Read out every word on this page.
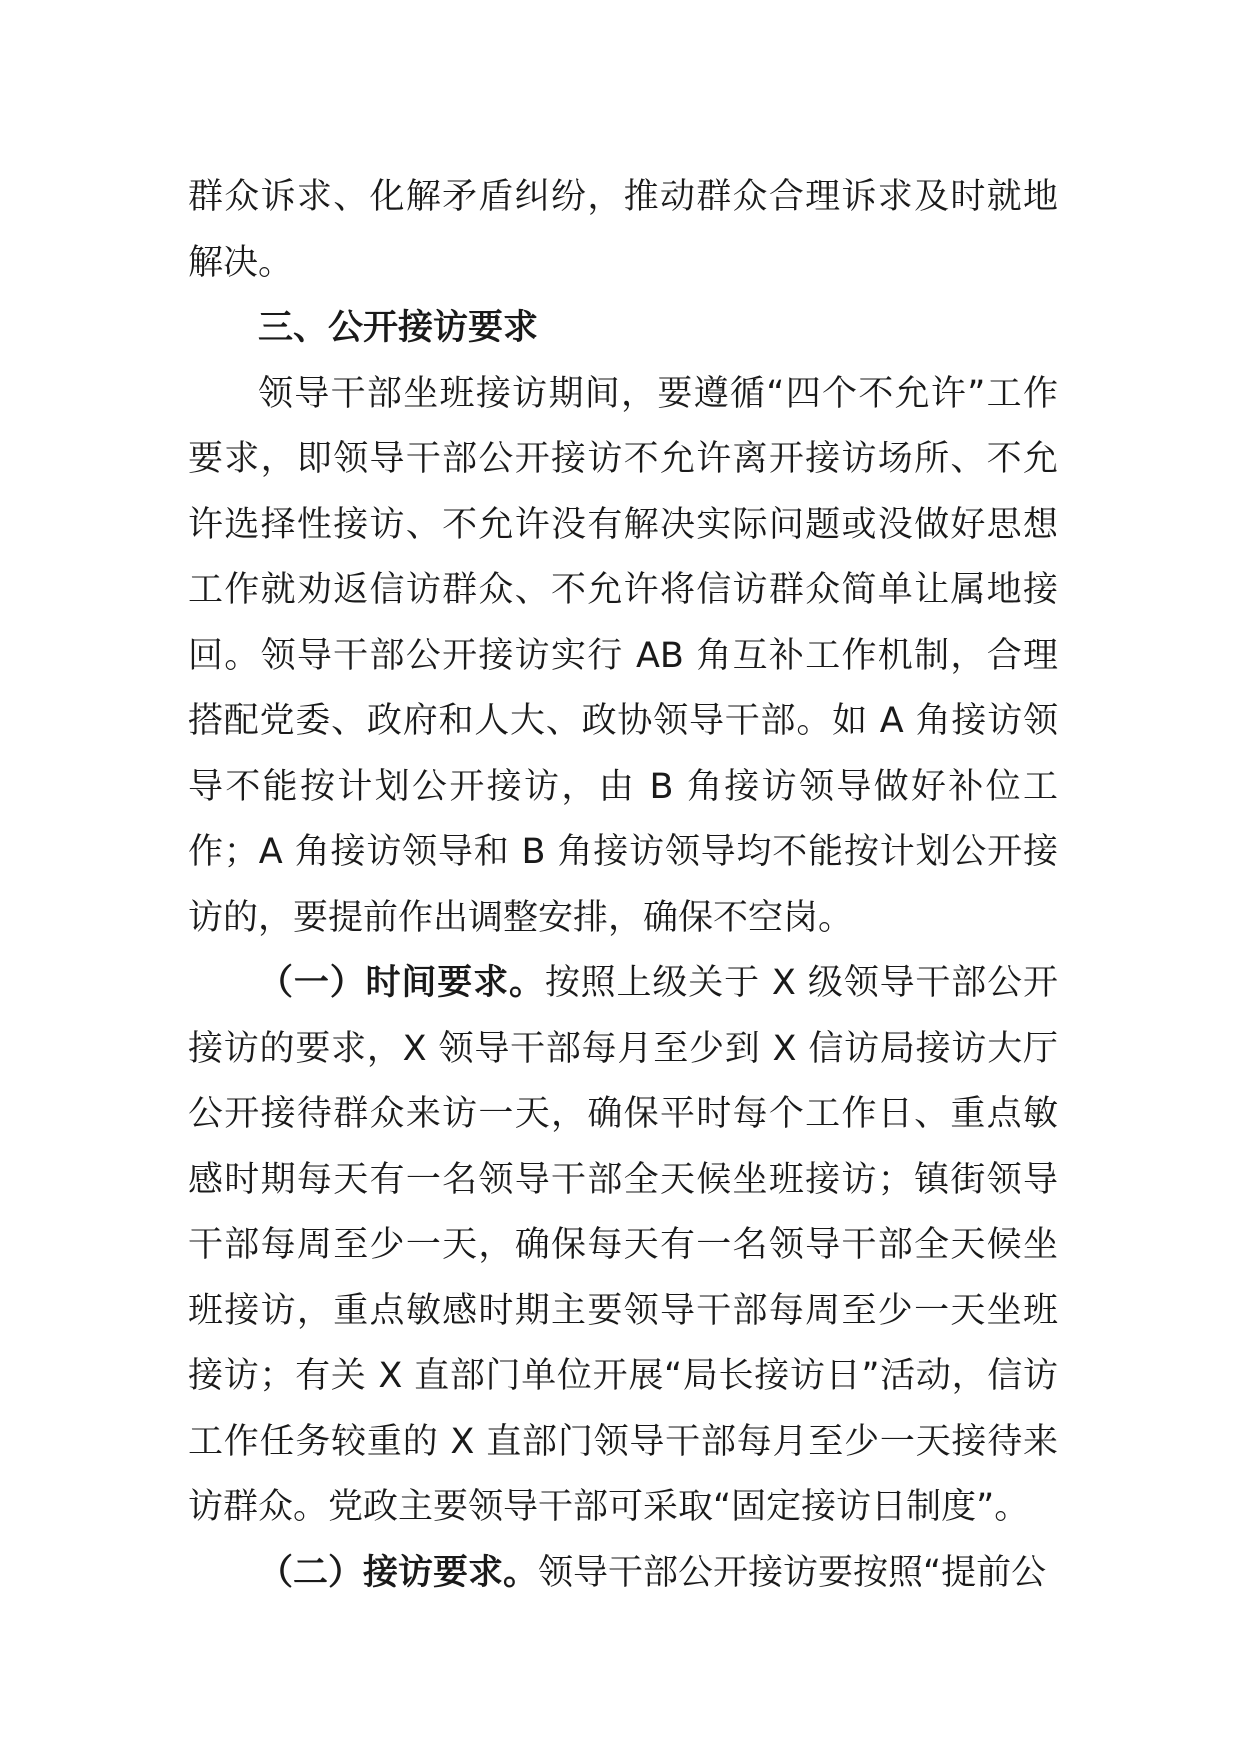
群众诉求、化解矛盾纠纷，推动群众合理诉求及时就地解决。

三、公开接访要求

领导干部坐班接访期间，要遵循“四个不允许”工作要求，即领导干部公开接访不允许离开接访场所、不允许选择性接访、不允许没有解决实际问题或没做好思想工作就劝返信访群众、不允许将信访群众简单让属地接回。领导干部公开接访实行 AB 角互补工作机制，合理搭配党委、政府和人大、政协领导干部。如 A 角接访领导不能按计划公开接访，由 B 角接访领导做好补位工作；A 角接访领导和 B 角接访领导均不能按计划公开接访的，要提前作出调整安排，确保不空岗。

（一）时间要求。按照上级关于 X 级领导干部公开接访的要求，X 领导干部每月至少到 X 信访局接访大厅公开接待群众来访一天，确保平时每个工作日、重点敏感时期每天有一名领导干部全天候坐班接访；镇街领导干部每周至少一天，确保每天有一名领导干部全天候坐班接访，重点敏感时期主要领导干部每周至少一天坐班接访；有关 X 直部门单位开展“局长接访日”活动，信访工作任务较重的 X 直部门领导干部每月至少一天接待来访群众。党政主要领导干部可采取“固定接访日制度”。

（二）接访要求。领导干部公开接访要按照“提前公
